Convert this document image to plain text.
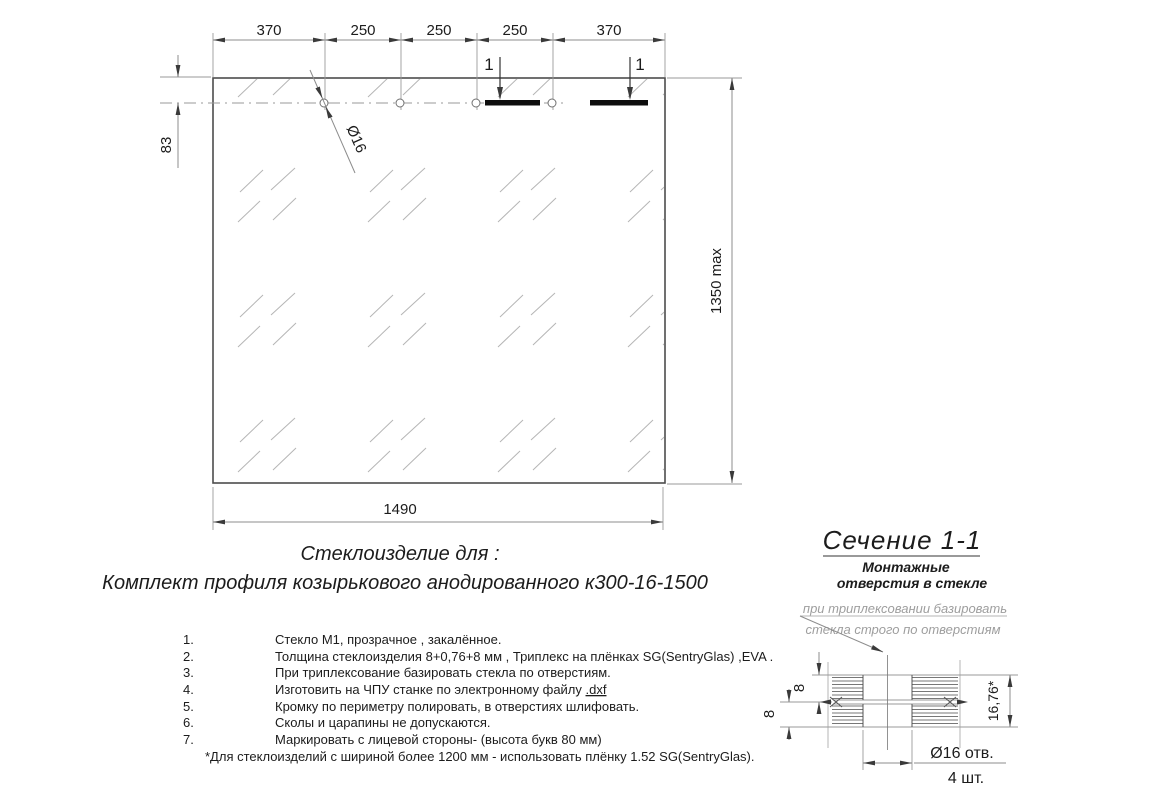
370	250	250	250	370
83	Ø16
1	1
1350 max
1490
Стеклоизделие для :
Комплект профиля козырькового анодированного к300-16-1500
1.	Стекло М1, прозрачное , закалённое.
2.	Толщина стеклоизделия 8+0,76+8 мм , Триплекс на плёнках SG(SentryGlas) ,EVA .
3.	При триплексование базировать стекла по отверстиям.
4.	Изготовить на ЧПУ станке по электронному файлу .dxf
5.	Кромку по периметру полировать, в отверстиях шлифовать.
6.	Сколы и царапины не допускаются.
7.	Маркировать с лицевой стороны- (высота букв 80 мм)
*Для стеклоизделий с шириной более 1200 мм - использовать плёнку 1.52 SG(SentryGlas).
Сечение 1-1
Монтажные
отверстия в стекле
при триплексовании базировать
стекла строго по отверстиям
8
8	16,76*
Ø16 отв.
4 шт.
